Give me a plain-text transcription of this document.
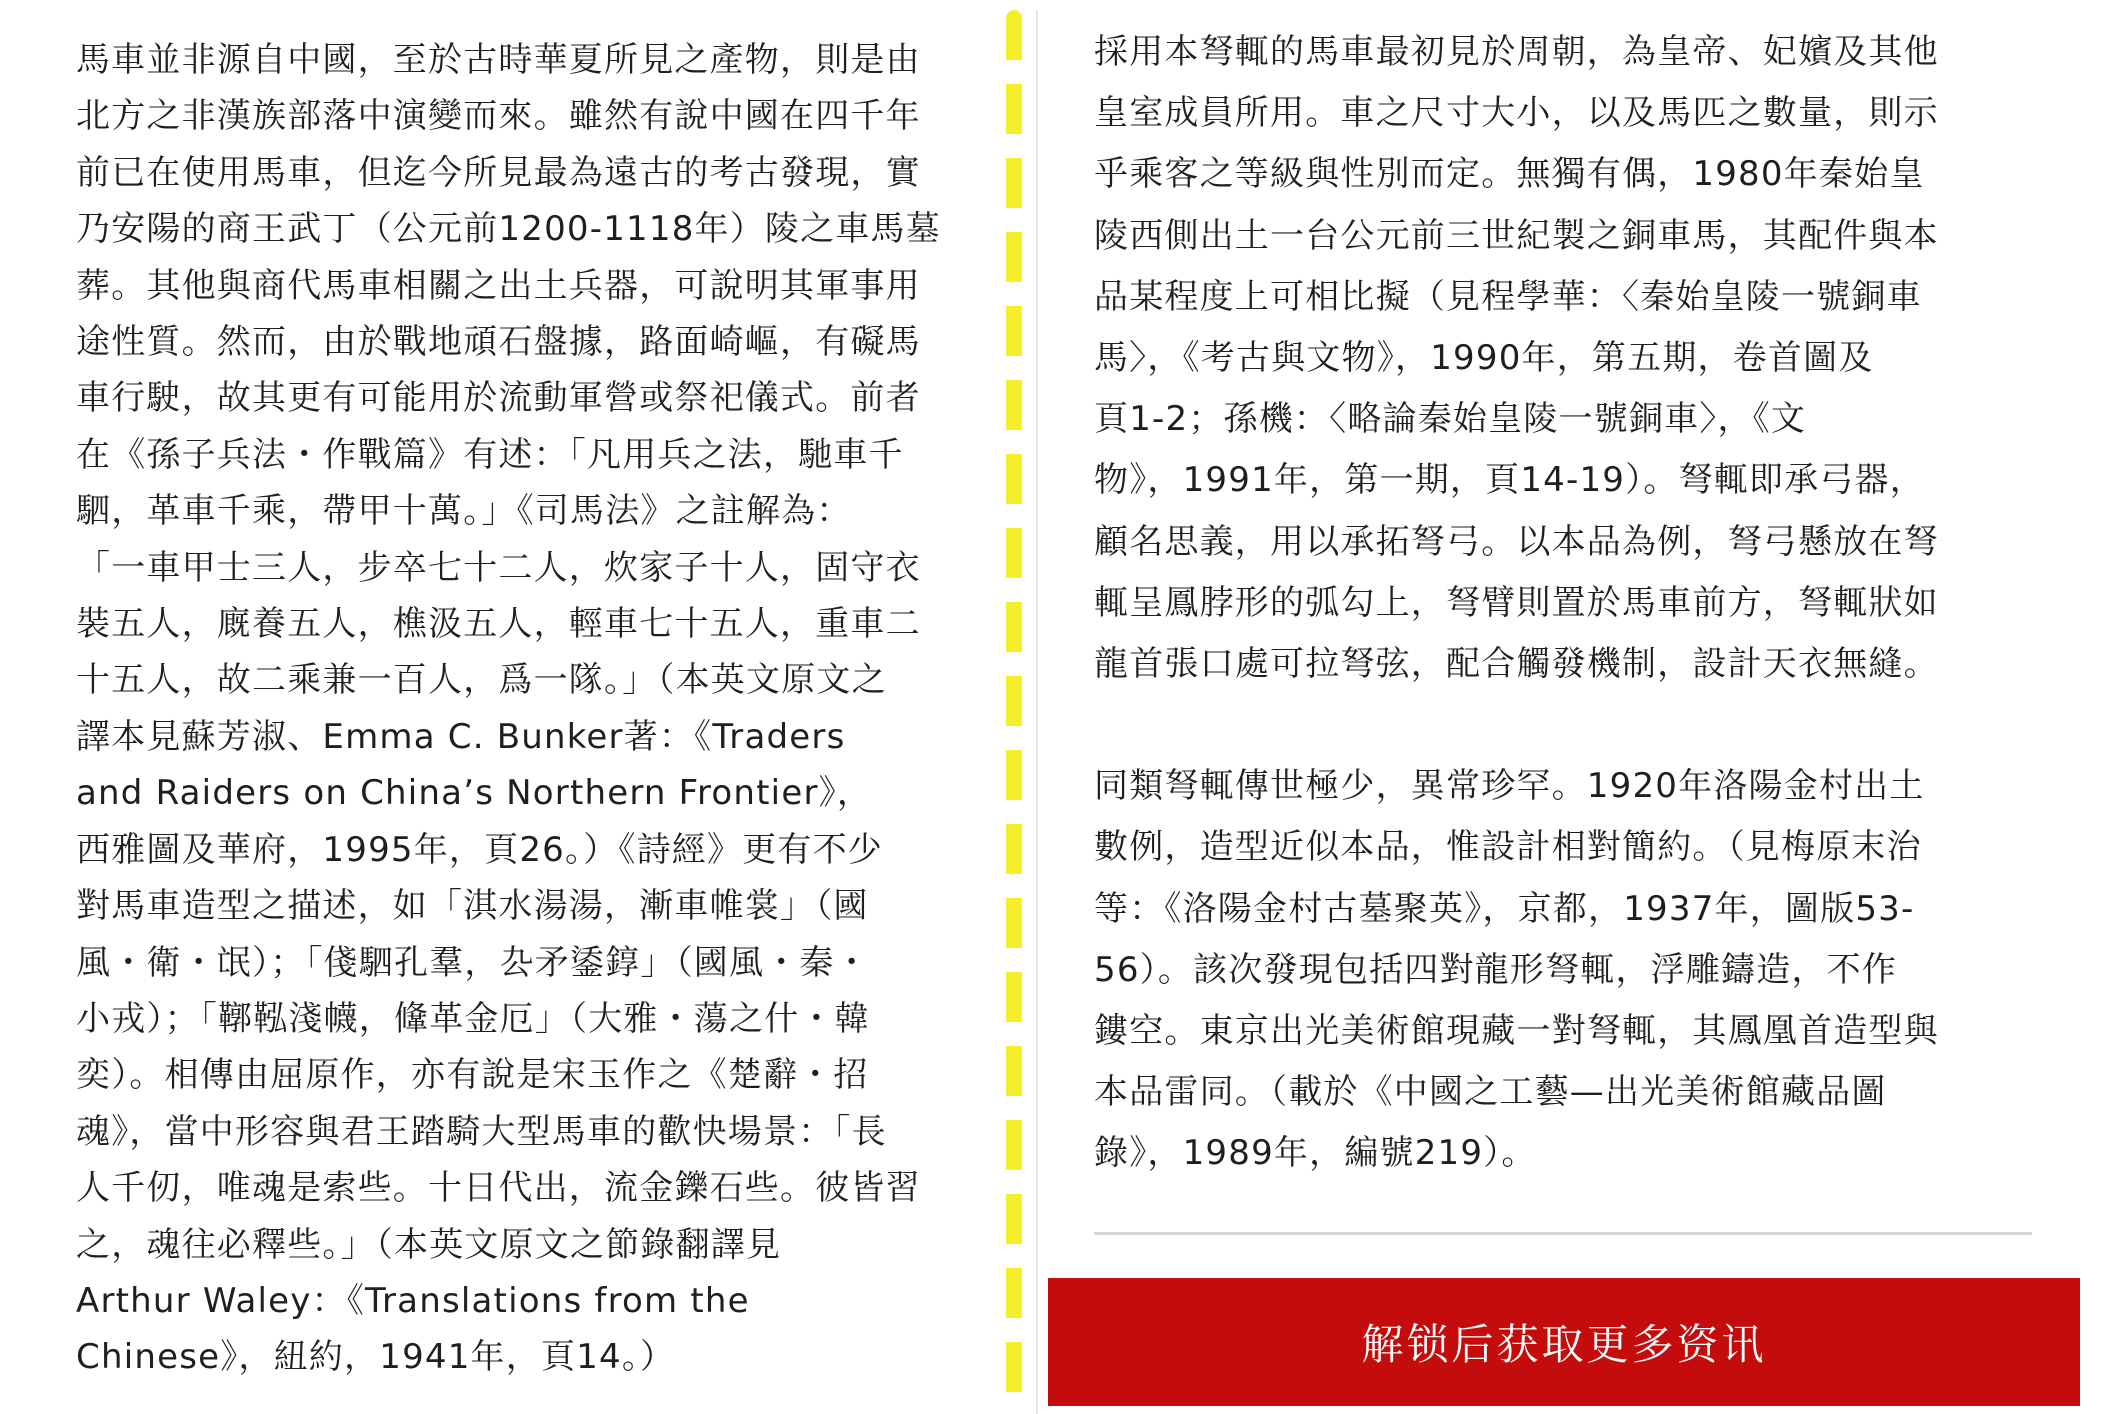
馬車並非源自中國，至於古時華夏所見之產物，則是由
北方之非漢族部落中演變而來。雖然有說中國在四千年
前已在使用馬車，但迄今所見最為遠古的考古發現，實
乃安陽的商王武丁（公元前1200-1118年）陵之車馬墓
葬。其他與商代馬車相關之出土兵器，可說明其軍事用
途性質。然而，由於戰地頑石盤據，路面崎嶇，有礙馬
車行駛，故其更有可能用於流動軍營或祭祀儀式。前者
在《孫子兵法・作戰篇》有述：「凡用兵之法，馳車千
駟，革車千乘，帶甲十萬。」《司馬法》之註解為：
「一車甲士三人，步卒七十二人，炊家子十人，固守衣
裝五人，廐養五人，樵汲五人，輕車七十五人，重車二
十五人，故二乘兼一百人，爲一隊。」（本英文原文之
譯本見蘇芳淑、Emma C. Bunker著：《Traders
and Raiders on China’s Northern Frontier》，
西雅圖及華府，1995年，頁26。）《詩經》更有不少
對馬車造型之描述，如「淇水湯湯，漸車帷裳」（國
風・衛・氓）；「俴駟孔羣，厹矛鋈錞」（國風・秦・
小戎）；「鞹鞃淺幭，鞗革金厄」（大雅・蕩之什・韓
奕）。相傳由屈原作，亦有說是宋玉作之《楚辭・招
魂》，當中形容與君王踏騎大型馬車的歡快場景：「長
人千仞，唯魂是索些。十日代出，流金鑠石些。彼皆習
之，魂往必釋些。」（本英文原文之節錄翻譯見
Arthur Waley：《Translations from the
Chinese》，紐約，1941年，頁14。）
採用本弩輒的馬車最初見於周朝，為皇帝、妃嬪及其他
皇室成員所用。車之尺寸大小，以及馬匹之數量，則示
乎乘客之等級與性別而定。無獨有偶，1980年秦始皇
陵西側出土一台公元前三世紀製之銅車馬，其配件與本
品某程度上可相比擬（見程學華：〈秦始皇陵一號銅車
馬〉，《考古與文物》，1990年，第五期，卷首圖及
頁1-2；孫機：〈略論秦始皇陵一號銅車〉，《文
物》，1991年，第一期，頁14-19）。弩輒即承弓器，
顧名思義，用以承拓弩弓。以本品為例，弩弓懸放在弩
輒呈鳳脖形的弧勾上，弩臂則置於馬車前方，弩輒狀如
龍首張口處可拉弩弦，配合觸發機制，設計天衣無縫。
同類弩輒傳世極少，異常珍罕。1920年洛陽金村出土
數例，造型近似本品，惟設計相對簡約。（見梅原末治
等：《洛陽金村古墓聚英》，京都，1937年，圖版53-
56）。該次發現包括四對龍形弩輒，浮雕鑄造，不作
鏤空。東京出光美術館現藏一對弩輒，其鳳凰首造型與
本品雷同。（載於《中國之工藝—出光美術館藏品圖
錄》，1989年，編號219）。
解锁后获取更多资讯
